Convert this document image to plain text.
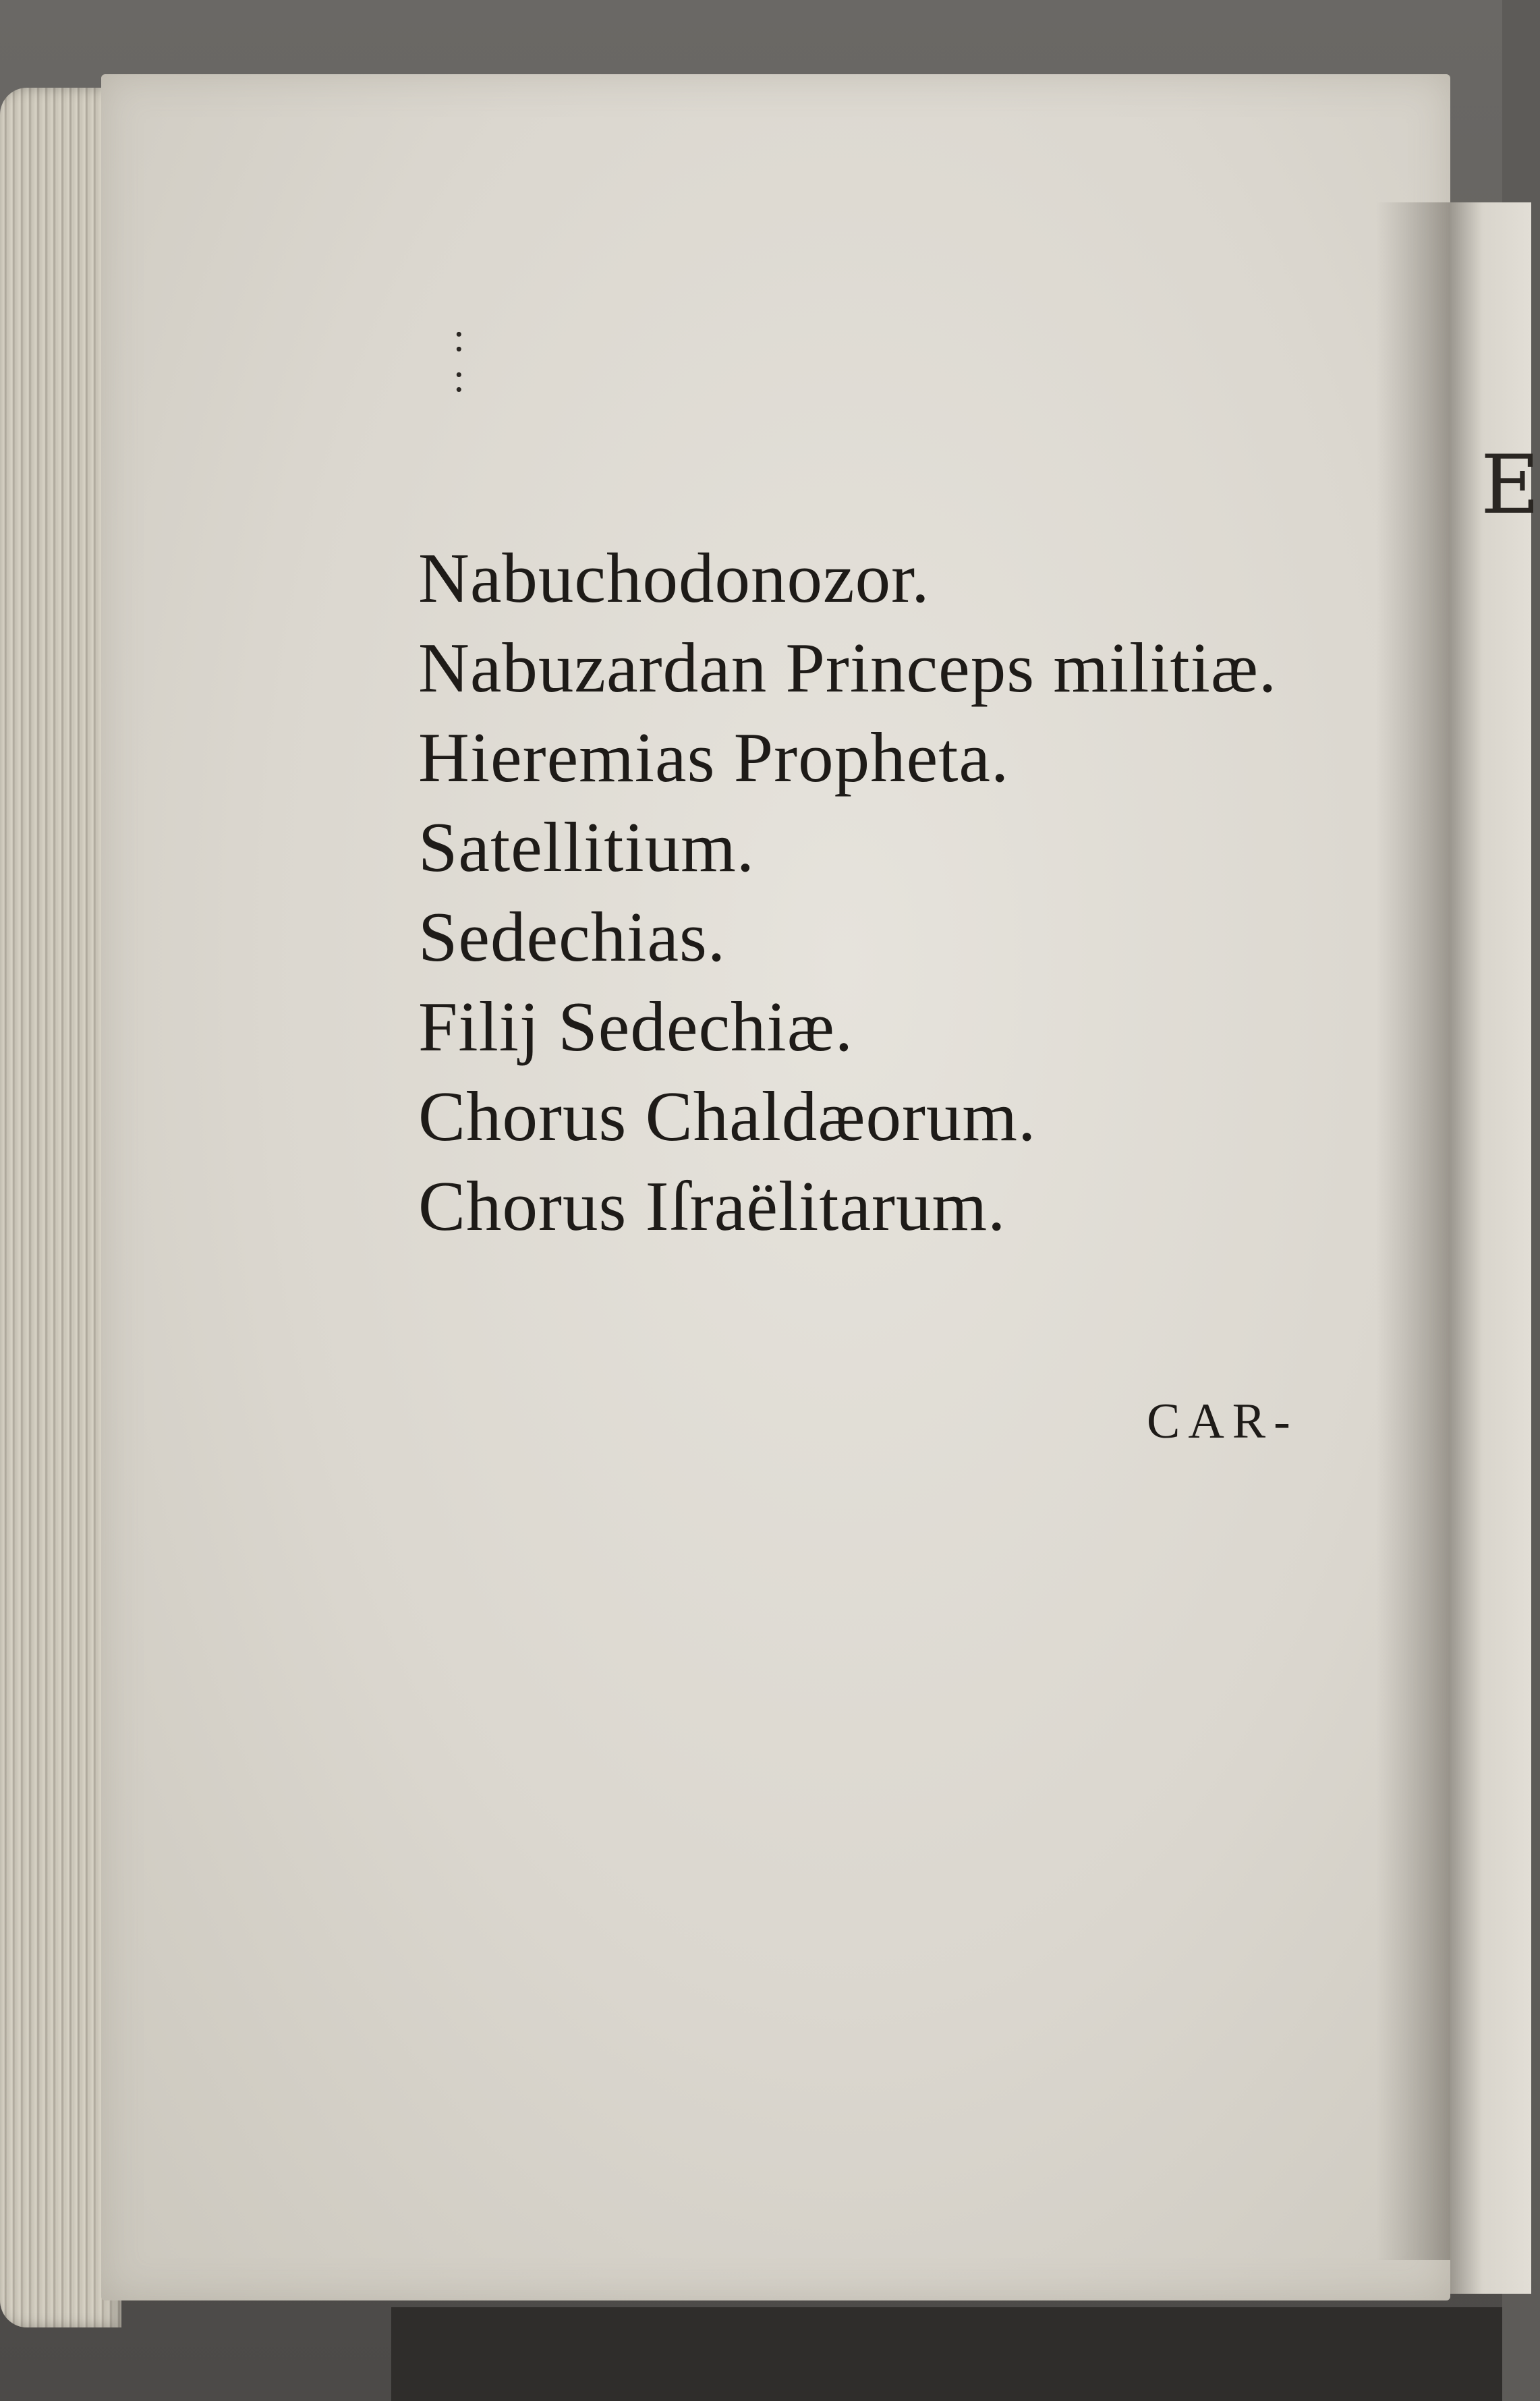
E
:
:
Nabuchodonozor.
Nabuzardan Princeps militiæ.
Hieremias Propheta.
Satellitium.
Sedechias.
Filij Sedechiæ.
Chorus Chaldæorum.
Chorus Iſraëlitarum.
CAR-
